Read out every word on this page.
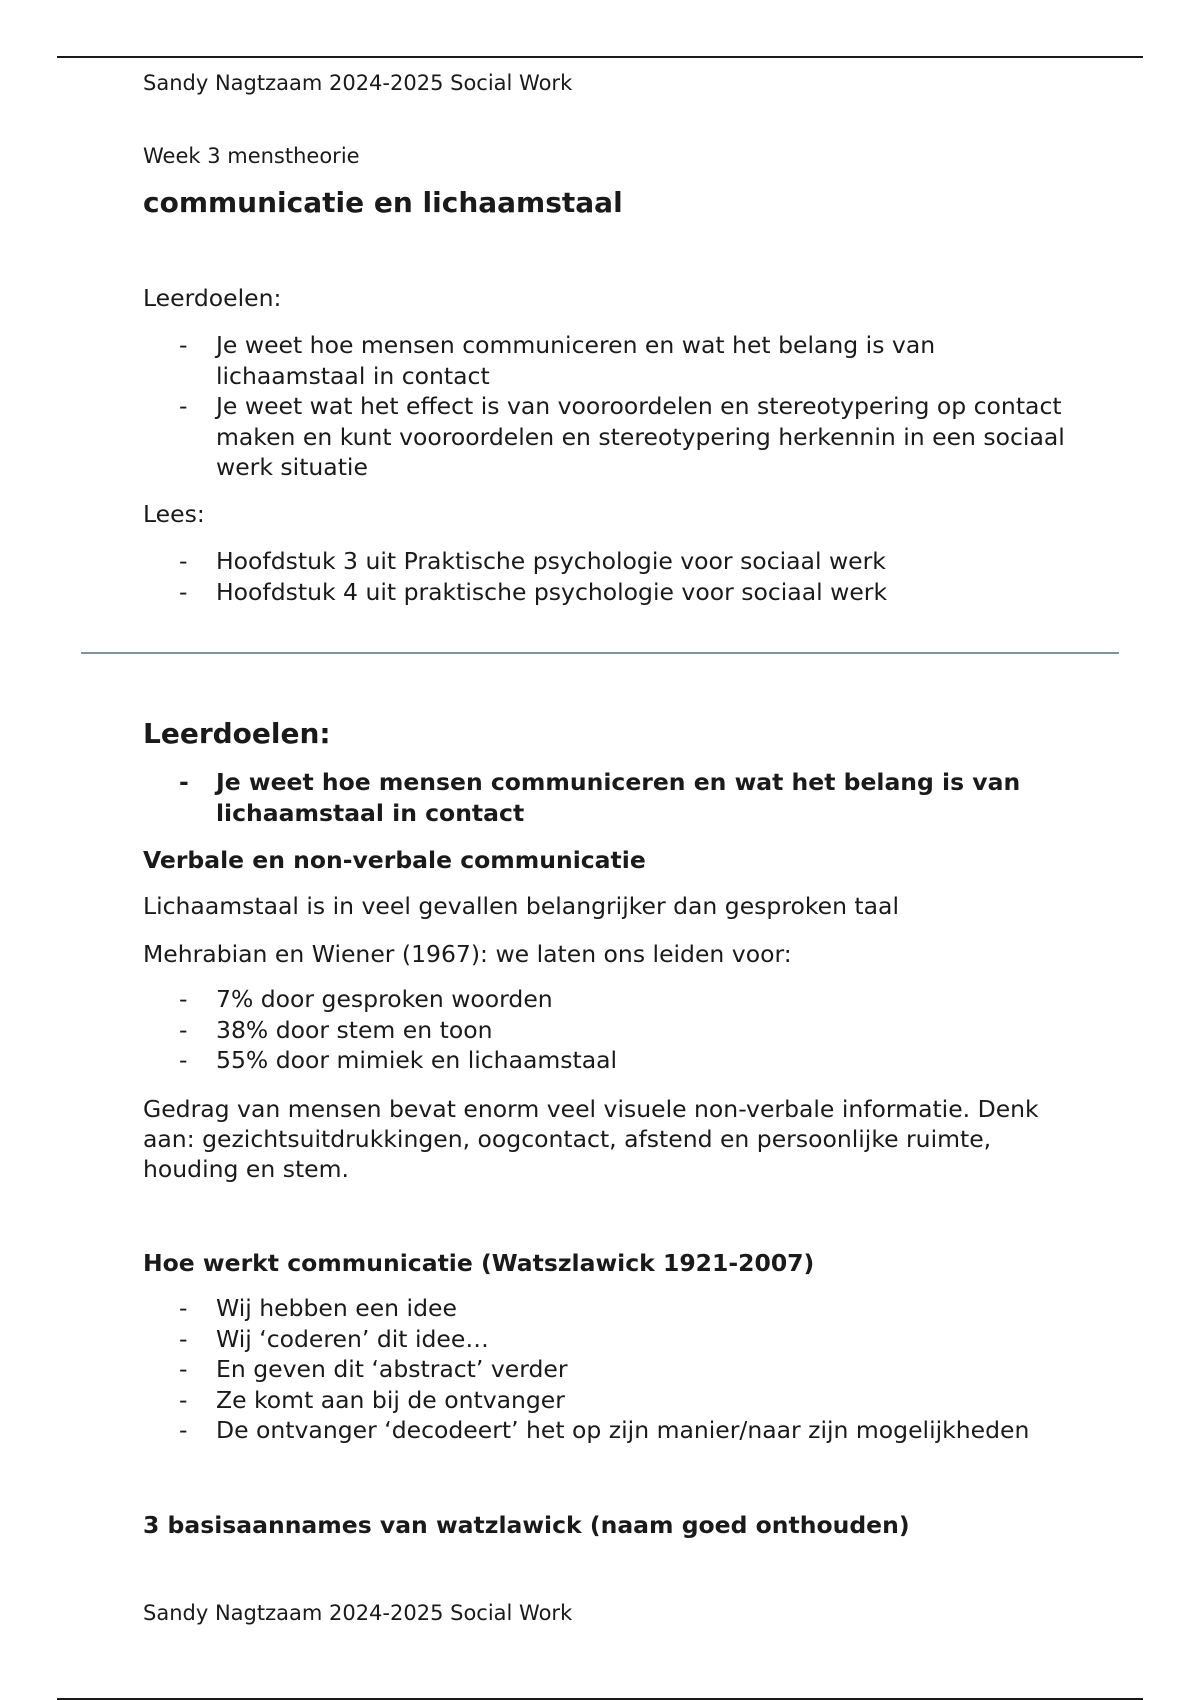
Sandy Nagtzaam 2024-2025 Social Work
Week 3 menstheorie
communicatie en lichaamstaal

Leerdoelen:

- Je weet hoe mensen communiceren en wat het belang is van lichaamstaal in contact
- Je weet wat het effect is van vooroordelen en stereotypering op contact maken en kunt vooroordelen en stereotypering herkennin in een sociaal werk situatie

Lees:

- Hoofdstuk 3 uit Praktische psychologie voor sociaal werk
- Hoofdstuk 4 uit praktische psychologie voor sociaal werk
Leerdoelen:
- Je weet hoe mensen communiceren en wat het belang is van lichaamstaal in contact

Verbale en non-verbale communicatie

Lichaamstaal is in veel gevallen belangrijker dan gesproken taal

Mehrabian en Wiener (1967): we laten ons leiden voor:

- 7% door gesproken woorden
- 38% door stem en toon
- 55% door mimiek en lichaamstaal

Gedrag van mensen bevat enorm veel visuele non-verbale informatie. Denk aan: gezichtsuitdrukkingen, oogcontact, afstend en persoonlijke ruimte, houding en stem.

Hoe werkt communicatie (Watszlawick 1921-2007)

- Wij hebben een idee
- Wij ‘coderen’ dit idee…
- En geven dit ‘abstract’ verder
- Ze komt aan bij de ontvanger
- De ontvanger ‘decodeert’ het op zijn manier/naar zijn mogelijkheden

3 basisaannames van watzlawick (naam goed onthouden)

Sandy Nagtzaam 2024-2025 Social Work
